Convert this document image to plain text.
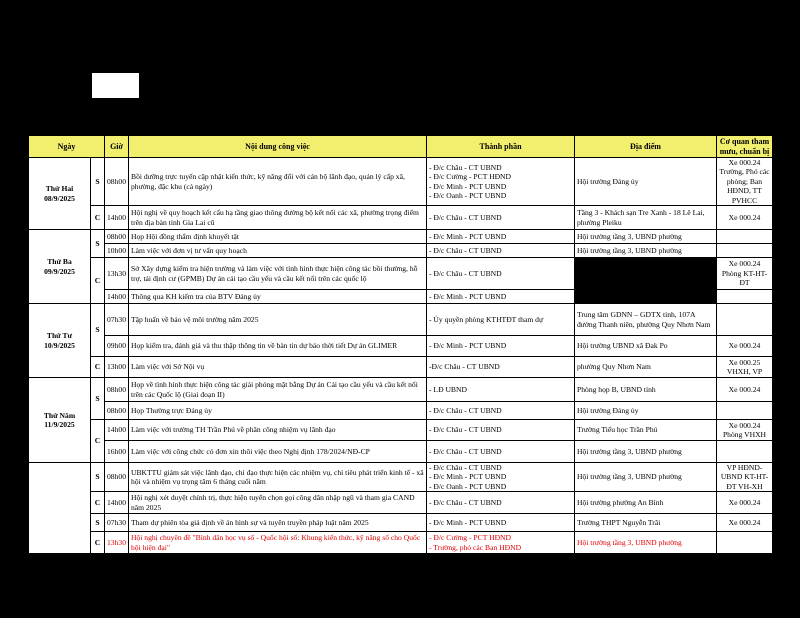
Ngày		Giờ	Nội dung công việc	Thành phần	Địa điểm	Cơ quan tham mưu, chuẩn bị

Thứ Hai
08/9/2025	S	08h00	Bồi dưỡng trực tuyến cập nhật kiến thức, kỹ năng đổi với cán bộ lãnh đạo, quản lý cấp xã, phường, đặc khu (cả ngày)	- Đ/c Châu - CT UBND
- Đ/c Cường - PCT HĐND
- Đ/c Minh - PCT UBND
- Đ/c Oanh - PCT UBND	Hội trường Đảng ủy	Xe 000.24 Trường, Phó các phòng; Ban HĐND, TT PVHCC
	C	14h00	Hội nghị về quy hoạch kết cấu hạ tầng giao thông đường bộ kết nối các xã, phường trọng điểm trên địa bàn tỉnh Gia Lai cũ	- Đ/c Châu - CT UBND	Tầng 3 - Khách sạn Tre Xanh - 18 Lê Lai, phường Pleiku	Xe 000.24

Thứ Ba
09/9/2025	S	08h00	Họp Hội đồng thẩm định khuyết tật	- Đ/c Minh - PCT UBND	Hội trường tầng 3, UBND phường	
		10h00	Làm việc với đơn vị tư vấn quy hoạch	- Đ/c Châu - CT UBND	Hội trường tầng 3, UBND phường	
	C	13h30	Sở Xây dựng kiểm tra hiện trường và làm việc với tỉnh hình thực hiện công tác bồi thường, hỗ trợ, tái định cư (GPMB) Dự án cải tạo cầu yếu và cầu kết nối trên các quốc lộ	- Đ/c Châu - CT UBND		Xe 000.24 Phòng KT-HT-ĐT
		14h00	Thông qua KH kiểm tra của BTV Đảng ủy	- Đ/c Minh - PCT UBND		

Thứ Tư
10/9/2025	S	07h30	Tập huấn về bảo vệ môi trường năm 2025	- Ủy quyền phòng KTHTĐT tham dự	Trung tâm GDNN – GDTX tỉnh, 107A đường Thanh niên, phường Quy Nhơn Nam	
		09h00	Họp kiểm tra, đánh giá và thu thập thông tin về bàn tin dự báo thời tiết Dự án GLIMER	- Đ/c Minh - PCT UBND	Hội trường UBND xã Đak Po	Xe 000.24
	C	13h00	Làm việc với Sở Nội vụ	-Đ/c Châu - CT UBND	phường Quy Nhơn Nam	Xe 000.25 VHXH, VP

Thứ Năm
11/9/2025	S	08h00	Họp về tình hình thực hiện công tác giải phóng mặt bằng Dự án Cải tạo cầu yếu và cầu kết nối trên các Quốc lộ (Giai đoạn II)	- LĐ UBND	Phòng họp B, UBND tỉnh	Xe 000.24
		08h00	Họp Thường trực Đảng ủy	- Đ/c Châu - CT UBND	Hội trường Đảng ủy	
	C	14h00	Làm việc với trường TH Trần Phú về phân công nhiệm vụ lãnh đạo	- Đ/c Châu - CT UBND	Trường Tiểu học Trần Phú	Xe 000.24 Phòng VHXH
		16h00	Làm việc với công chức có đơn xin thôi việc theo Nghị định 178/2024/NĐ-CP	- Đ/c Châu - CT UBND	Hội trường tầng 3, UBND phường	

	S	08h00	UBKTTU giám sát việc lãnh đạo, chỉ đạo thực hiện các nhiệm vụ, chỉ tiêu phát triển kinh tế - xã hội và nhiệm vụ trọng tâm 6 tháng cuối năm	- Đ/c Châu - CT UBND
- Đ/c Minh - PCT UBND
- Đ/c Oanh - PCT UBND	Hội trường tầng 3, UBND phường	VP HĐND-UBND KT-HT-ĐT VH-XH
	C	14h00	Hội nghị xét duyệt chính trị, thực hiện tuyển chọn gọi công dân nhập ngũ và tham gia CAND năm 2025	- Đ/c Châu - CT UBND	Hội trường phường An Bình	Xe 000.24
	S	07h30	Tham dự phiên tòa giả định về án hình sự và tuyên truyền pháp luật năm 2025	- Đ/c Minh - PCT UBND	Trường THPT Nguyễn Trãi	Xe 000.24
	C	13h30	Hội nghị chuyên đề "Bình dân học vụ số - Quốc hội số: Khung kiến thức, kỹ năng số cho Quốc hội hiện đại"	- Đ/c Cường - PCT HĐND
- Trường, phó các Ban HĐND	Hội trường tầng 3, UBND phường	
